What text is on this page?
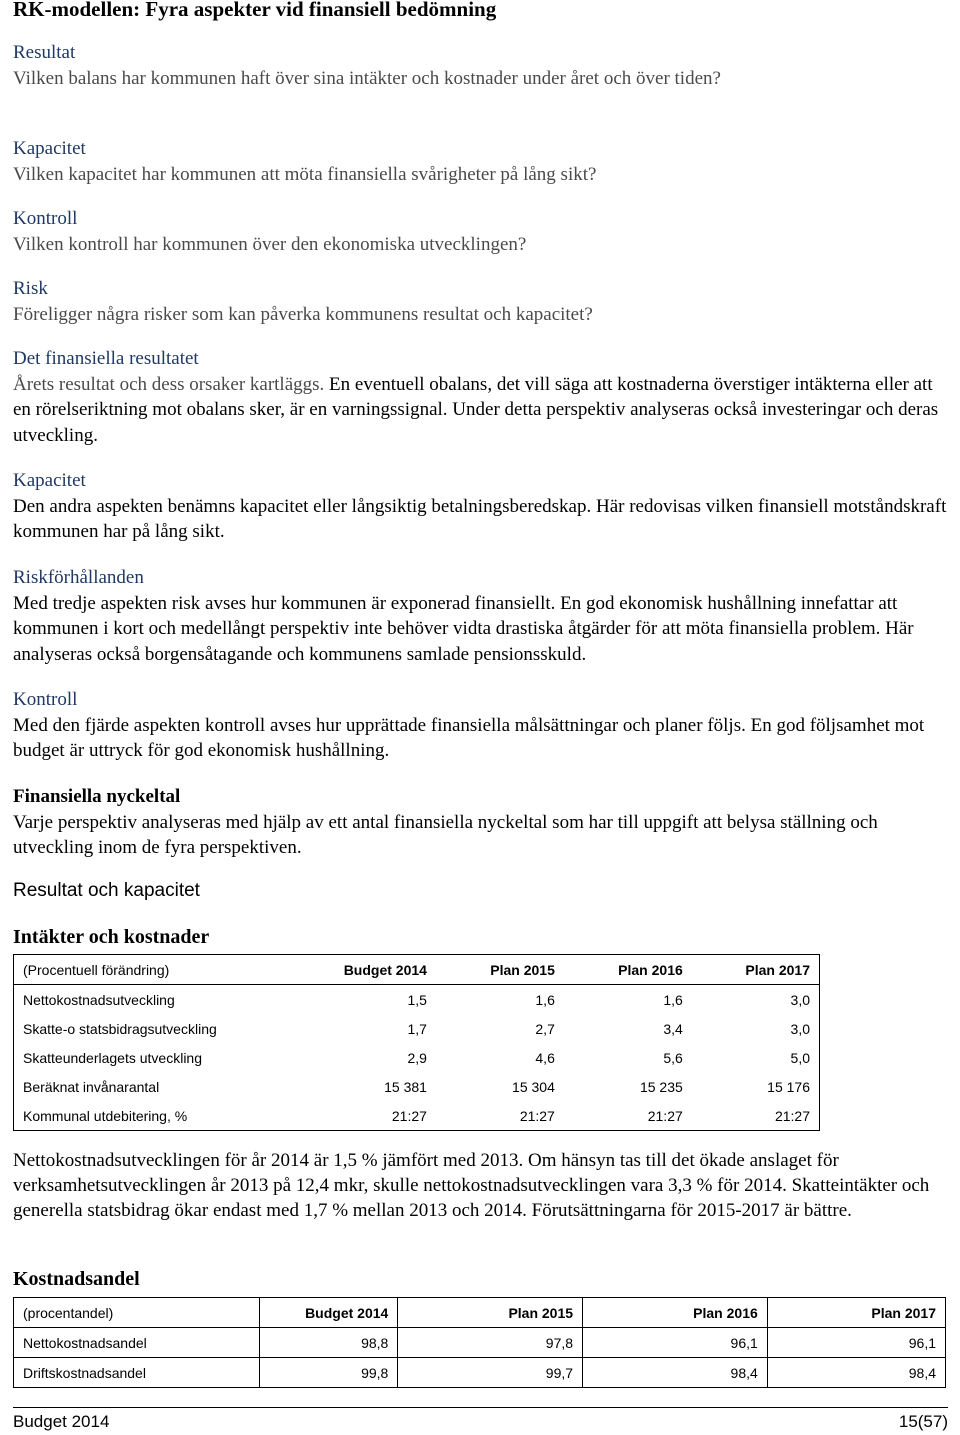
RK-modellen: Fyra aspekter vid finansiell bedömning
Resultat
Vilken balans har kommunen haft över sina intäkter och kostnader under året och över tiden?
Kapacitet
Vilken kapacitet har kommunen att möta finansiella svårigheter på lång sikt?
Kontroll
Vilken kontroll har kommunen över den ekonomiska utvecklingen?
Risk
Föreligger några risker som kan påverka kommunens resultat och kapacitet?
Det finansiella resultatet
Årets resultat och dess orsaker kartläggs. En eventuell obalans, det vill säga att kostnaderna överstiger intäkterna eller att en rörelseriktning mot obalans sker, är en varningssignal. Under detta perspektiv analyseras också investeringar och deras utveckling.
Kapacitet
Den andra aspekten benämns kapacitet eller långsiktig betalningsberedskap. Här redovisas vilken finansiell motståndskraft kommunen har på lång sikt.
Riskförhållanden
Med tredje aspekten risk avses hur kommunen är exponerad finansiellt. En god ekonomisk hushållning innefattar att kommunen i kort och medellångt perspektiv inte behöver vidta drastiska åtgärder för att möta finansiella problem. Här analyseras också borgensåtagande och kommunens samlade pensionsskuld.
Kontroll
Med den fjärde aspekten kontroll avses hur upprättade finansiella målsättningar och planer följs. En god följsamhet mot budget är uttryck för god ekonomisk hushållning.
Finansiella nyckeltal
Varje perspektiv analyseras med hjälp av ett antal finansiella nyckeltal som har till uppgift att belysa ställning och utveckling inom de fyra perspektiven.
Resultat och kapacitet
Intäkter och kostnader
(Procentuell förändring)	Budget 2014	Plan 2015	Plan 2016	Plan 2017
Nettokostnadsutveckling	1,5	1,6	1,6	3,0
Skatte-o statsbidragsutveckling	1,7	2,7	3,4	3,0
Skatteunderlagets utveckling	2,9	4,6	5,6	5,0
Beräknat invånarantal	15 381	15 304	15 235	15 176
Kommunal utdebitering, %	21:27	21:27	21:27	21:27
Nettokostnadsutvecklingen för år 2014 är 1,5 % jämfört med 2013. Om hänsyn tas till det ökade anslaget för verksamhetsutvecklingen år 2013 på 12,4 mkr, skulle nettokostnadsutvecklingen vara 3,3 % för 2014. Skatteintäkter och generella statsbidrag ökar endast med 1,7 % mellan 2013 och 2014. Förutsättningarna för 2015-2017 är bättre.
Kostnadsandel
(procentandel)	Budget 2014	Plan 2015	Plan 2016	Plan 2017
Nettokostnadsandel	98,8	97,8	96,1	96,1
Driftskostnadsandel	99,8	99,7	98,4	98,4
Budget 2014	15(57)
